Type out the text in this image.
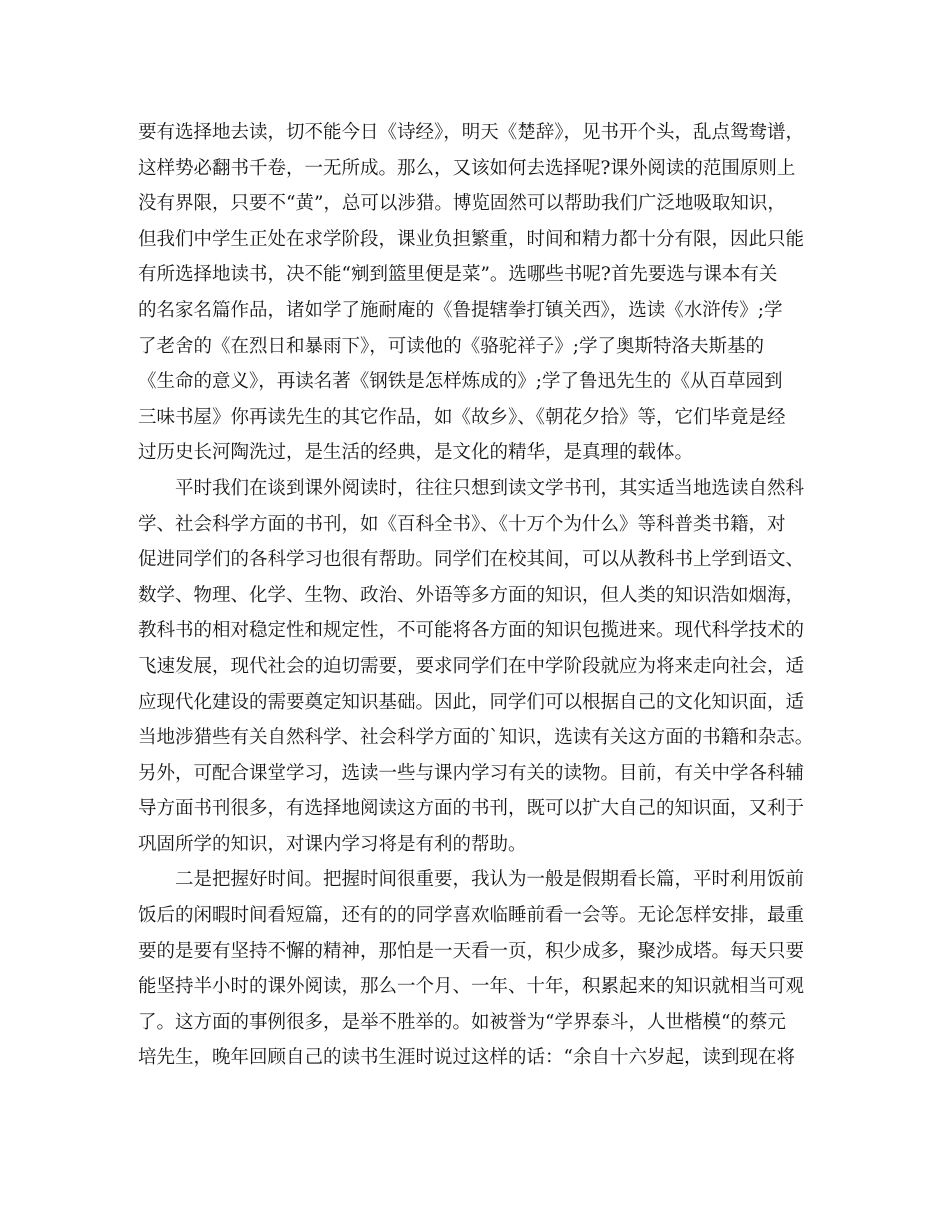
要有选择地去读，切不能今日《诗经》，明天《楚辞》，见书开个头，乱点鸳鸯谱，
这样势必翻书千卷，一无所成。那么，又该如何去选择呢?课外阅读的范围原则上
没有界限，只要不“黄”，总可以涉猎。博览固然可以帮助我们广泛地吸取知识，
但我们中学生正处在求学阶段，课业负担繁重，时间和精力都十分有限，因此只能
有所选择地读书，决不能“剜到篮里便是菜”。选哪些书呢?首先要选与课本有关
的名家名篇作品，诸如学了施耐庵的《鲁提辖拳打镇关西》，选读《水浒传》;学
了老舍的《在烈日和暴雨下》，可读他的《骆驼祥子》;学了奥斯特洛夫斯基的
《生命的意义》，再读名著《钢铁是怎样炼成的》;学了鲁迅先生的《从百草园到
三味书屋》你再读先生的其它作品，如《故乡》、《朝花夕拾》等，它们毕竟是经
过历史长河陶洗过，是生活的经典，是文化的精华，是真理的载体。
　　平时我们在谈到课外阅读时，往往只想到读文学书刊，其实适当地选读自然科
学、社会科学方面的书刊，如《百科全书》、《十万个为什么》等科普类书籍，对
促进同学们的各科学习也很有帮助。同学们在校其间，可以从教科书上学到语文、
数学、物理、化学、生物、政治、外语等多方面的知识，但人类的知识浩如烟海，
教科书的相对稳定性和规定性，不可能将各方面的知识包揽进来。现代科学技术的
飞速发展，现代社会的迫切需要，要求同学们在中学阶段就应为将来走向社会，适
应现代化建设的需要奠定知识基础。因此，同学们可以根据自己的文化知识面，适
当地涉猎些有关自然科学、社会科学方面的`知识，选读有关这方面的书籍和杂志。
另外，可配合课堂学习，选读一些与课内学习有关的读物。目前，有关中学各科辅
导方面书刊很多，有选择地阅读这方面的书刊，既可以扩大自己的知识面，又利于
巩固所学的知识，对课内学习将是有利的帮助。
　　二是把握好时间。把握时间很重要，我认为一般是假期看长篇，平时利用饭前
饭后的闲暇时间看短篇，还有的的同学喜欢临睡前看一会等。无论怎样安排，最重
要的是要有坚持不懈的精神，那怕是一天看一页，积少成多，聚沙成塔。每天只要
能坚持半小时的课外阅读，那么一个月、一年、十年，积累起来的知识就相当可观
了。这方面的事例很多，是举不胜举的。如被誉为“学界泰斗，人世楷模“的蔡元
培先生，晚年回顾自己的读书生涯时说过这样的话：“余自十六岁起，读到现在将
